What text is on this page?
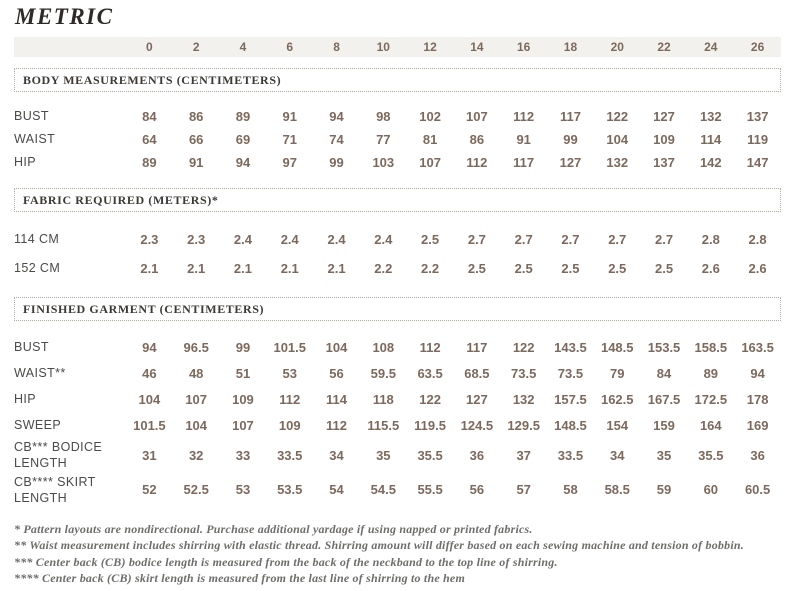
METRIC
0	2	4	6	8	10	12	14	16	18	20	22	24	26
BODY MEASUREMENTS (CENTIMETERS)
BUST	84	86	89	91	94	98	102	107	112	117	122	127	132	137
WAIST	64	66	69	71	74	77	81	86	91	99	104	109	114	119
HIP	89	91	94	97	99	103	107	112	117	127	132	137	142	147
FABRIC REQUIRED (METERS)*
114 CM	2.3	2.3	2.4	2.4	2.4	2.4	2.5	2.7	2.7	2.7	2.7	2.7	2.8	2.8
152 CM	2.1	2.1	2.1	2.1	2.1	2.2	2.2	2.5	2.5	2.5	2.5	2.5	2.6	2.6
FINISHED GARMENT (CENTIMETERS)
BUST	94	96.5	99	101.5	104	108	112	117	122	143.5	148.5	153.5	158.5	163.5
WAIST**	46	48	51	53	56	59.5	63.5	68.5	73.5	73.5	79	84	89	94
HIP	104	107	109	112	114	118	122	127	132	157.5	162.5	167.5	172.5	178
SWEEP	101.5	104	107	109	112	115.5	119.5	124.5	129.5	148.5	154	159	164	169
CB*** BODICE LENGTH
31	32	33	33.5	34	35	35.5	36	37	33.5	34	35	35.5	36
CB**** SKIRT LENGTH
52	52.5	53	53.5	54	54.5	55.5	56	57	58	58.5	59	60	60.5
* Pattern layouts are nondirectional. Purchase additional yardage if using napped or printed fabrics.
** Waist measurement includes shirring with elastic thread. Shirring amount will differ based on each sewing machine and tension of bobbin.
*** Center back (CB) bodice length is measured from the back of the neckband to the top line of shirring.
**** Center back (CB) skirt length is measured from the last line of shirring to the hem
